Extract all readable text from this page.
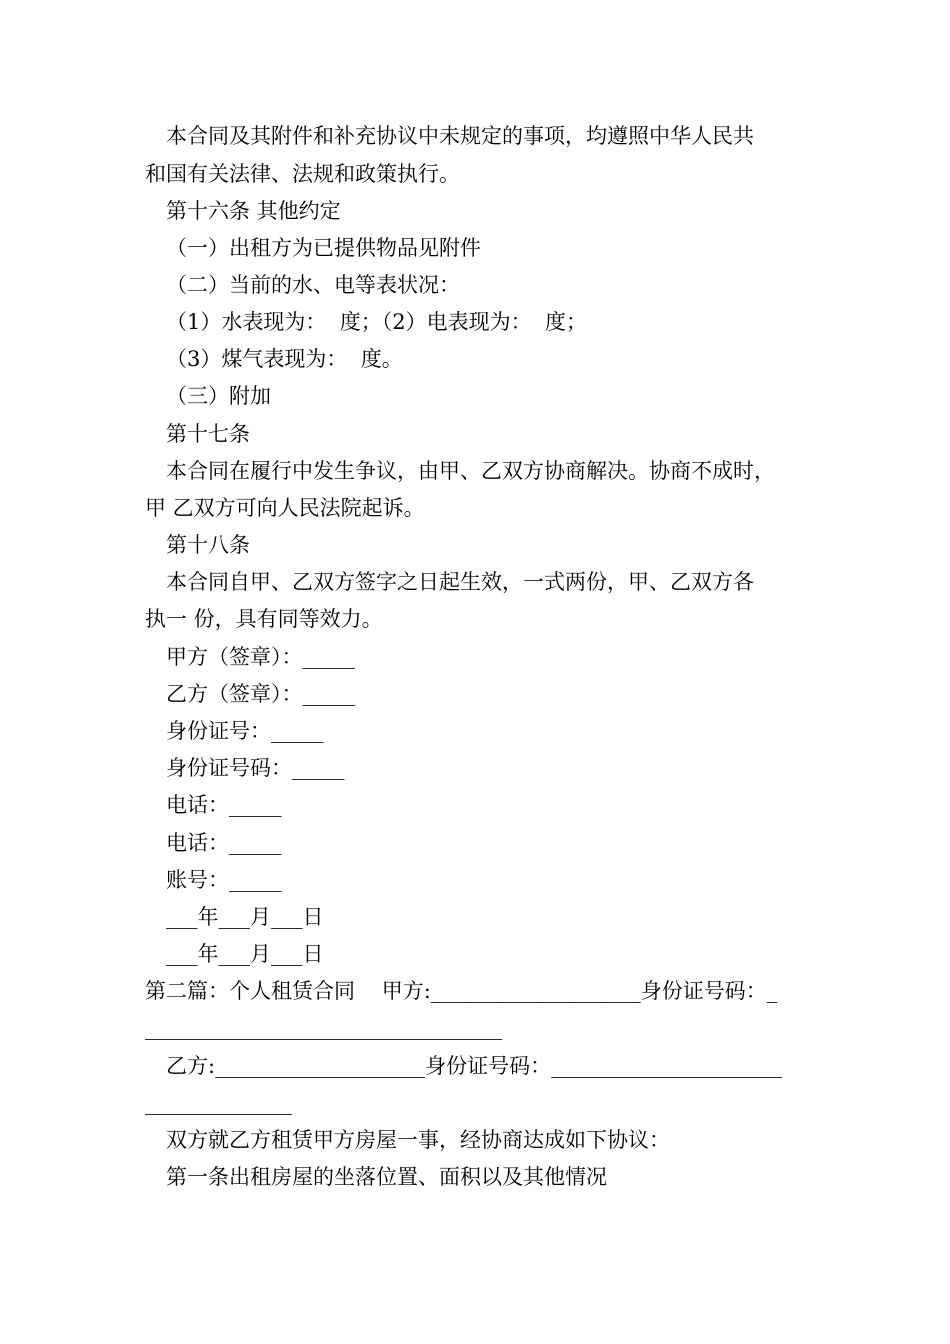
本合同及其附件和补充协议中未规定的事项，均遵照中华人民共
和国有关法律、法规和政策执行。
第十六条 其他约定
（一）出租方为已提供物品见附件
（二）当前的水、电等表状况：
（1）水表现为：  度；（2）电表现为：  度；
（3）煤气表现为：  度。
（三）附加
第十七条
本合同在履行中发生争议，由甲、乙双方协商解决。协商不成时，
甲 乙双方可向人民法院起诉。
第十八条
本合同自甲、乙双方签字之日起生效，一式两份，甲、乙双方各
执一 份，具有同等效力。
甲方（签章）：_____
乙方（签章）：_____
身份证号：_____
身份证号码：_____
电话：_____
电话：_____
账号：_____
___年___月___日
___年___月___日
第二篇：个人租赁合同    甲方:____________________身份证号码：_
__________________________________
乙方:____________________身份证号码：______________________
______________
双方就乙方租赁甲方房屋一事，经协商达成如下协议：
第一条出租房屋的坐落位置、面积以及其他情况
